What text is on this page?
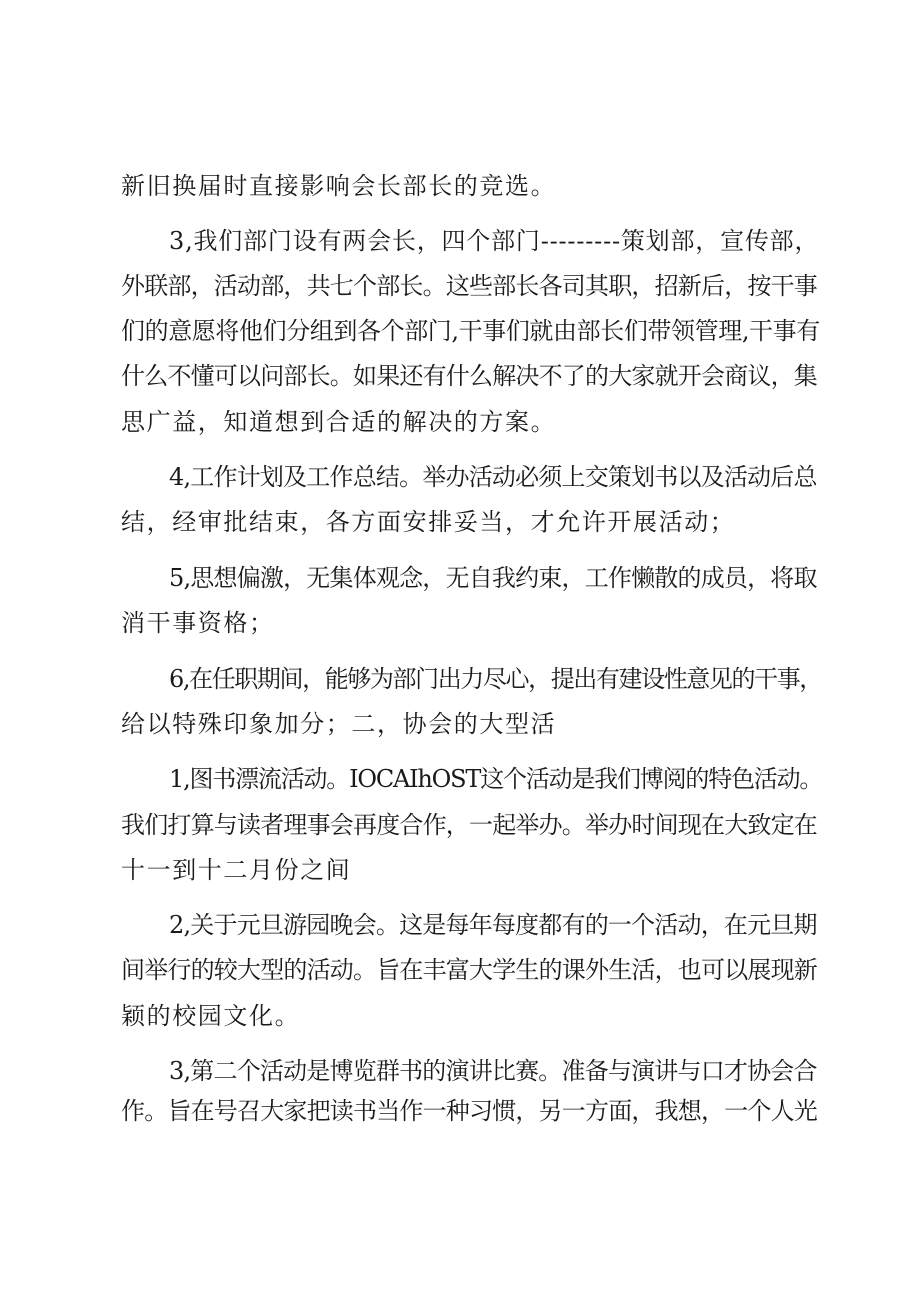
新旧换届时直接影响会长部长的竞选。

3,我们部门设有两会长，四个部门---------策划部，宣传部，

外联部，活动部，共七个部长。这些部长各司其职，招新后，按干事

们的意愿将他们分组到各个部门,干事们就由部长们带领管理,干事有

什么不懂可以问部长。如果还有什么解决不了的大家就开会商议，集

思广益，知道想到合适的解决的方案。

4,工作计划及工作总结。举办活动必须上交策划书以及活动后总

结，经审批结束，各方面安排妥当，才允许开展活动；

5,思想偏激，无集体观念，无自我约束，工作懒散的成员，将取

消干事资格；

6,在任职期间，能够为部门出力尽心，提出有建设性意见的干事，

给以特殊印象加分；二，协会的大型活

1,图书漂流活动。IOCAIhOST这个活动是我们博阅的特色活动。

我们打算与读者理事会再度合作，一起举办。举办时间现在大致定在

十一到十二月份之间

2,关于元旦游园晚会。这是每年每度都有的一个活动，在元旦期

间举行的较大型的活动。旨在丰富大学生的课外生活，也可以展现新

颖的校园文化。

3,第二个活动是博览群书的演讲比赛。准备与演讲与口才协会合

作。旨在号召大家把读书当作一种习惯，另一方面，我想，一个人光
